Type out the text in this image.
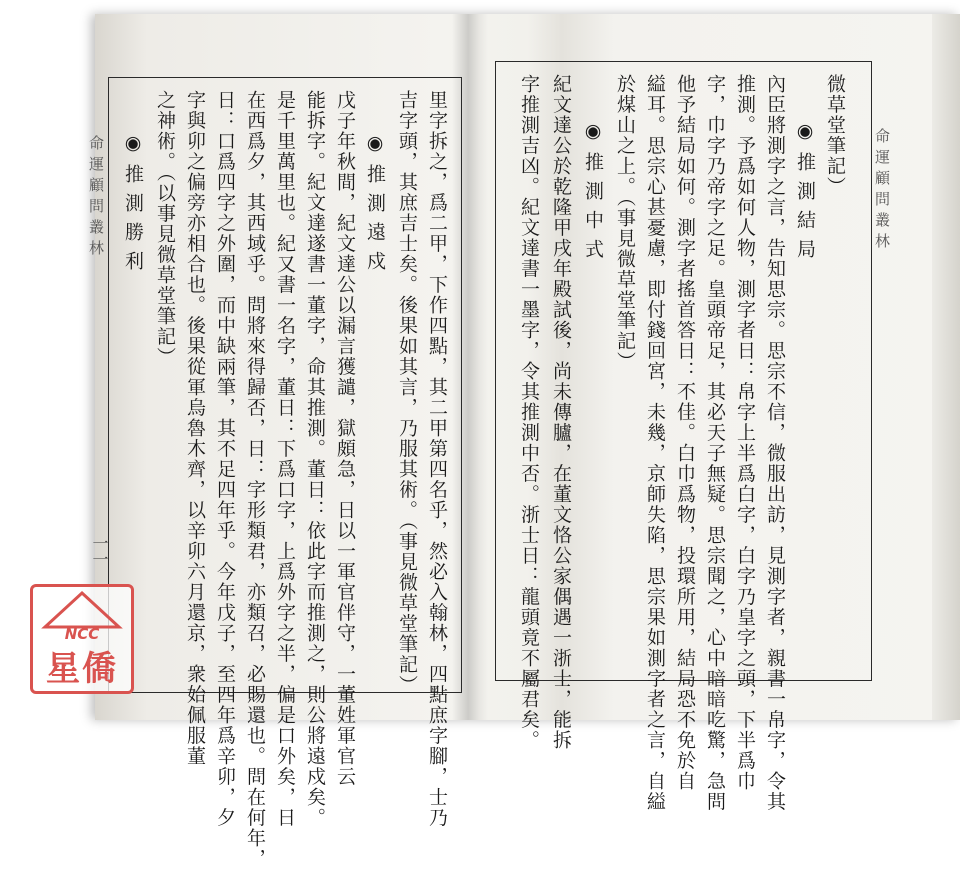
命運顧問叢林
微草堂筆記）
◉推測結局
內臣將測字之言，告知思宗。思宗不信，微服出訪，見測字者，親書一帛字，令其
推測。予爲如何人物，測字者日：帛字上半爲白字，白字乃皇字之頭，下半爲巾
字，巾字乃帝字之足。皇頭帝足，其必天子無疑。思宗聞之，心中暗暗吃驚，急問
他予結局如何。測字者搖首答日：不佳。白巾爲物，投環所用，結局恐不免於自
縊耳。思宗心甚憂慮，即付錢回宮，未幾，京師失陷，思宗果如測字者之言，自縊
於煤山之上。（事見微草堂筆記）
◉推測中式
紀文達公於乾隆甲戌年殿試後，尚未傳臚，在董文恪公家偶遇一浙士，能拆
字推測吉凶。紀文達書一墨字，令其推測中否。浙士日：龍頭竟不屬君矣。
里字拆之，爲二甲，下作四點，其二甲第四名乎，然必入翰林，四點庶字腳，士乃
吉字頭，其庶吉士矣。後果如其言，乃服其術。（事見微草堂筆記）
◉推測遠戍
戊子年秋間，紀文達公以漏言獲譴，獄頗急，日以一軍官伴守，一董姓軍官云
能拆字。紀文達遂書一董字，命其推測。董日：依此字而推測之，則公將遠戍矣。
是千里萬里也。紀又書一名字，董日：下爲口字，上爲外字之半，偏是口外矣，日
在西爲夕，其西域乎。問將來得歸否，日：字形類君，亦類召，必賜還也。問在何年，
日：口爲四字之外圍，而中缺兩筆，其不足四年乎。今年戊子，至四年爲辛卯，夕
字與卯之偏旁亦相合也。後果從軍烏魯木齊，以辛卯六月還京，衆始佩服董
之神術。（以事見微草堂筆記）
◉推測勝利
命運顧問叢林
一一
NCC
星僑
